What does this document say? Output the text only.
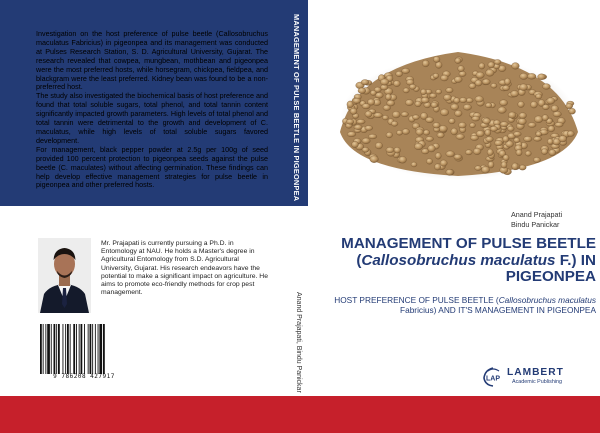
Investigation on the host preference of pulse beetle (Callosobruchus maculatus Fabricius) in pigeonpea and its management was conducted at Pulses Research Station, S. D. Agricultural University, Gujarat. The research revealed that cowpea, mungbean, mothbean and pigeonpea were the most preferred hosts, while horsegram, chickpea, fieldpea, and blackgram were the least preferred. Kidney bean was found to be a non-preferred host.

The study also investigated the biochemical basis of host preference and found that total soluble sugars, total phenol, and total tannin content significantly impacted growth parameters. High levels of total phenol and total tannin were detrimental to the growth and development of C. maculatus, while high levels of total soluble sugars favored development.

For management, black pepper powder at 2.5g per 100g of seed provided 100 percent protection to pigeonpea seeds against the pulse beetle (C. maculates) without affecting germination. These findings can help develop effective management strategies for pulse beetle in pigeonpea and other preferred hosts.

Mr. Prajapati is currently pursuing a Ph.D. in Entomology at NAU. He holds a Master's degree in Agricultural Entomology from S.D. Agricultural University, Gujarat. His research endeavors have the potential to make a significant impact on agriculture. He aims to promote eco-friendly methods for crop pest management.
9 786208 427917
MANAGEMENT OF PULSE BEETLE IN PIGEONPEA
Anand Prajapati, Bindu Panickar
Anand Prajapati
Bindu Panickar
MANAGEMENT OF PULSE BEETLE (Callosobruchus maculatus F.) IN PIGEONPEA
HOST PREFERENCE OF PULSE BEETLE (Callosobruchus maculatus Fabricius) AND IT'S MANAGEMENT IN PIGEONPEA
LAP
LAMBERT
Academic Publishing
